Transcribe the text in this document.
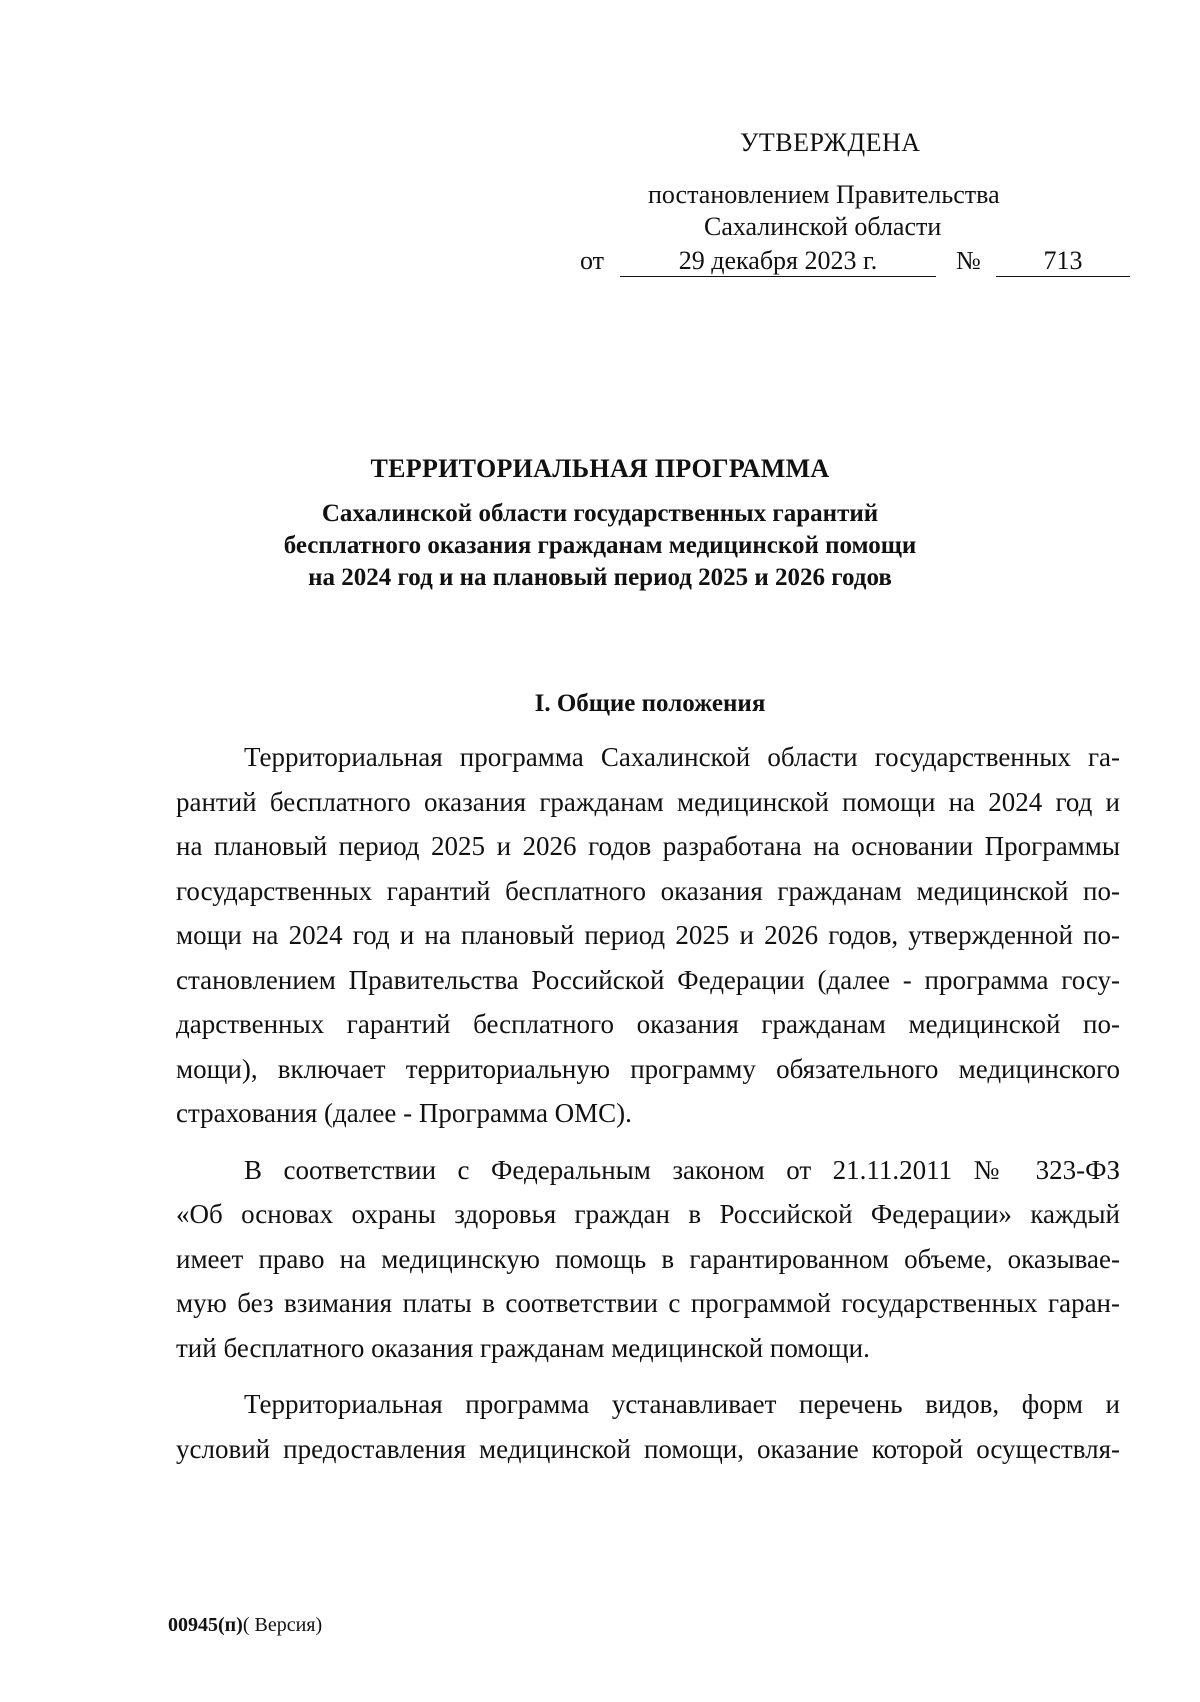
УТВЕРЖДЕНА
постановлением Правительства
Сахалинской области
от	29 декабря 2023 г.	№	713
ТЕРРИТОРИАЛЬНАЯ ПРОГРАММА
Сахалинской области государственных гарантий
бесплатного оказания гражданам медицинской помощи
на 2024 год и на плановый период 2025 и 2026 годов
I. Общие положения
Территориальная программа Сахалинской области государственных га-
рантий бесплатного оказания гражданам медицинской помощи на 2024 год и
на плановый период 2025 и 2026 годов разработана на основании Программы
государственных гарантий бесплатного оказания гражданам медицинской по-
мощи на 2024 год и на плановый период 2025 и 2026 годов, утвержденной по-
становлением Правительства Российской Федерации (далее - программа госу-
дарственных гарантий бесплатного оказания гражданам медицинской по-
мощи), включает территориальную программу обязательного медицинского
страхования (далее - Программа ОМС).
В соответствии с Федеральным законом от 21.11.2011 № 323-ФЗ
«Об основах охраны здоровья граждан в Российской Федерации» каждый
имеет право на медицинскую помощь в гарантированном объеме, оказывае-
мую без взимания платы в соответствии с программой государственных гаран-
тий бесплатного оказания гражданам медицинской помощи.
Территориальная программа устанавливает перечень видов, форм и
условий предоставления медицинской помощи, оказание которой осуществля-
00945(п)( Версия)
